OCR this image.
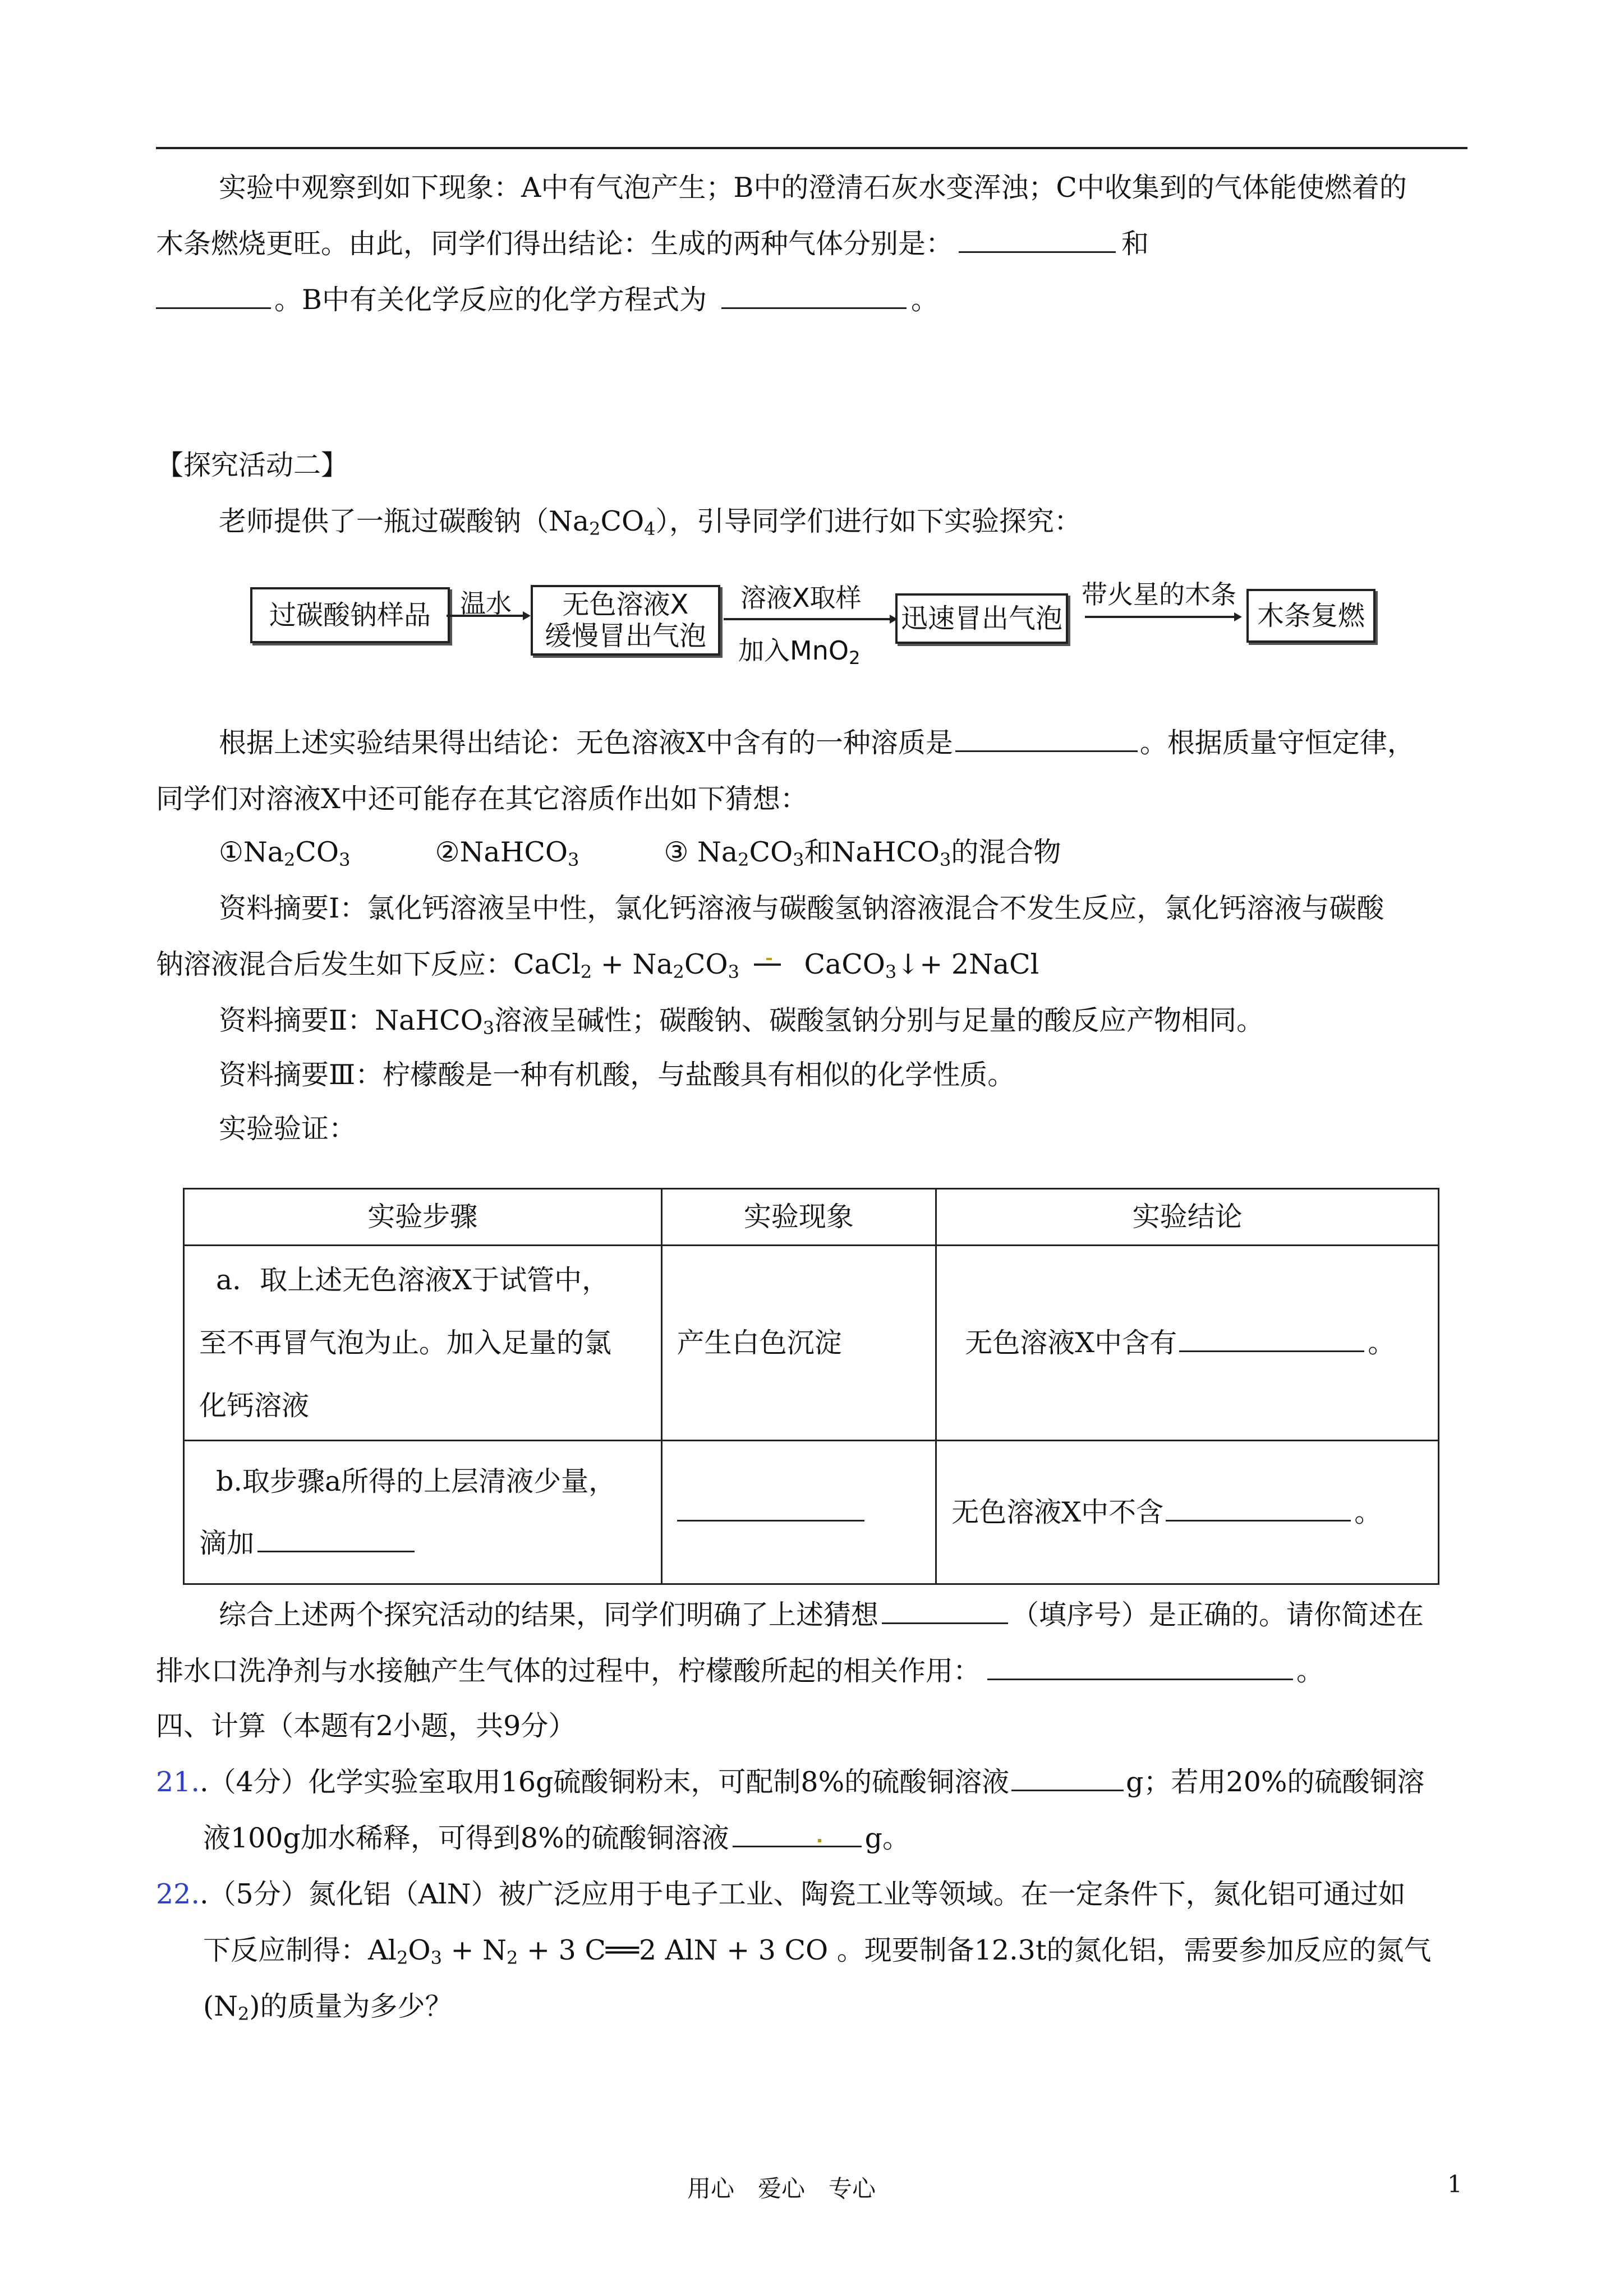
实验中观察到如下现象：A中有气泡产生；B中的澄清石灰水变浑浊；C中收集到的气体能使燃着的
木条燃烧更旺。由此，同学们得出结论：生成的两种气体分别是：	和
。B中有关化学反应的化学方程式为	。
【探究活动二】
老师提供了一瓶过碳酸钠$(Na_2CO_4)$，引导同学们进行如下实验探究：
过碳酸钠样品	温水	无色溶液X
缓慢冒出气泡
溶液X取样
加入MnO$_2$
迅速冒出气泡
带火星的木条
木条复燃
根据上述实验结果得出结论：无色溶液X中含有的一种溶质是	。根据质量守恒定律，
同学们对溶液X中还可能存在其它溶质作出如下猜想：
$①Na_2CO_3$	②NaHCO$_3$	③ $Na_2CO_3$和NaHCO$_3$的混合物
资料摘要Ⅰ：氯化钙溶液呈中性，氯化钙溶液与碳酸氢钠溶液混合不发生反应，氯化钙溶液与碳酸
钠溶液混合后发生如下反应：CaCl$_2$ + $Na_2CO_3$
CaCO$_3$↓+ 2NaCl
资料摘要Ⅱ：NaHCO$_3$溶液呈碱性；碳酸钠、碳酸氢钠分别与足量的酸反应产物相同。
资料摘要Ⅲ：柠檬酸是一种有机酸，与盐酸具有相似的化学性质。
实验验证：
实验步骤	实验现象	实验结论

a．取上述无色溶液X于试管中，
至不再冒气泡为止。加入足量的氯
化钙溶液	产生白色沉淀	无色溶液X中含有 。

b.取步骤a所得的上层清液少量，
滴加		无色溶液X中不含 。
综合上述两个探究活动的结果，同学们明确了上述猜想	（填序号）是正确的。请你简述在
排水口洗净剂与水接触产生气体的过程中，柠檬酸所起的相关作用：	。
四、计算（本题有2小题，共9分）
21..（4分）化学实验室取用16g硫酸铜粉末，可配制8%的硫酸铜溶液	g；若用20%的硫酸铜溶
液100g加水稀释，可得到8%的硫酸铜溶液	g。
22..（5分）氮化铝（AlN）被广泛应用于电子工业、陶瓷工业等领域。在一定条件下，氮化铝可通过如
下反应制得：$Al_2O_3 + N_2 + 3$ C══2 AlN + 3 CO 。现要制备12.3t的氮化铝，需要参加反应的氮气
$(N_2)$的质量为多少？
用心　爱心　专心	1
